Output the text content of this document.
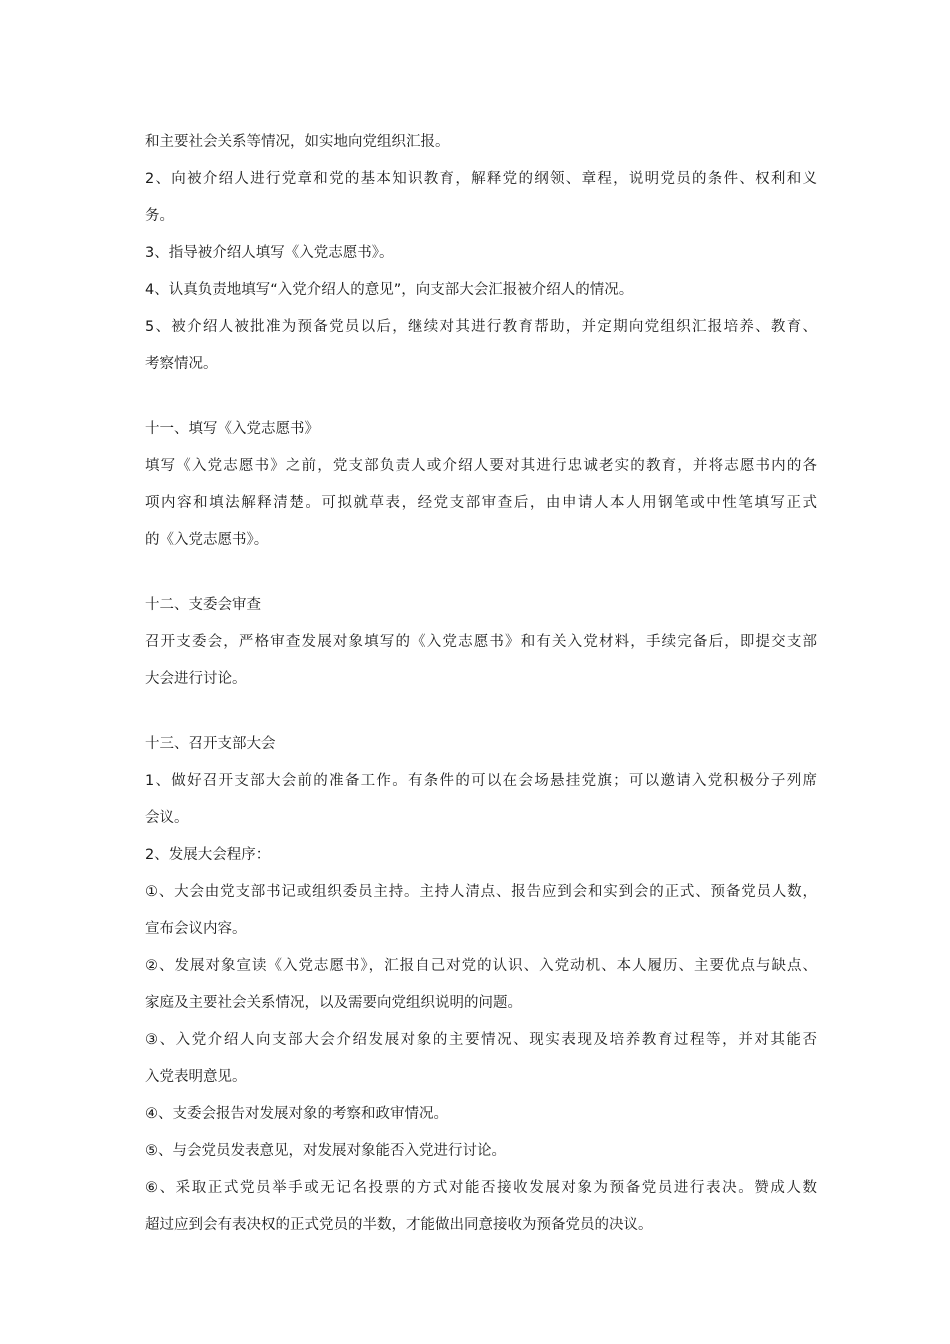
和主要社会关系等情况，如实地向党组织汇报。
2、向被介绍人进行党章和党的基本知识教育，解释党的纲领、章程，说明党员的条件、权利和义
务。
3、指导被介绍人填写《入党志愿书》。
4、认真负责地填写“入党介绍人的意见”，向支部大会汇报被介绍人的情况。
5、被介绍人被批准为预备党员以后，继续对其进行教育帮助，并定期向党组织汇报培养、教育、
考察情况。
十一、填写《入党志愿书》
填写《入党志愿书》之前，党支部负责人或介绍人要对其进行忠诚老实的教育，并将志愿书内的各
项内容和填法解释清楚。可拟就草表，经党支部审查后，由申请人本人用钢笔或中性笔填写正式
的《入党志愿书》。
十二、支委会审查
召开支委会，严格审查发展对象填写的《入党志愿书》和有关入党材料，手续完备后，即提交支部
大会进行讨论。
十三、召开支部大会
1、做好召开支部大会前的准备工作。有条件的可以在会场悬挂党旗；可以邀请入党积极分子列席
会议。
2、发展大会程序：
①、大会由党支部书记或组织委员主持。主持人清点、报告应到会和实到会的正式、预备党员人数，
宣布会议内容。
②、发展对象宣读《入党志愿书》，汇报自己对党的认识、入党动机、本人履历、主要优点与缺点、
家庭及主要社会关系情况，以及需要向党组织说明的问题。
③、入党介绍人向支部大会介绍发展对象的主要情况、现实表现及培养教育过程等，并对其能否
入党表明意见。
④、支委会报告对发展对象的考察和政审情况。
⑤、与会党员发表意见，对发展对象能否入党进行讨论。
⑥、采取正式党员举手或无记名投票的方式对能否接收发展对象为预备党员进行表决。赞成人数
超过应到会有表决权的正式党员的半数，才能做出同意接收为预备党员的决议。
